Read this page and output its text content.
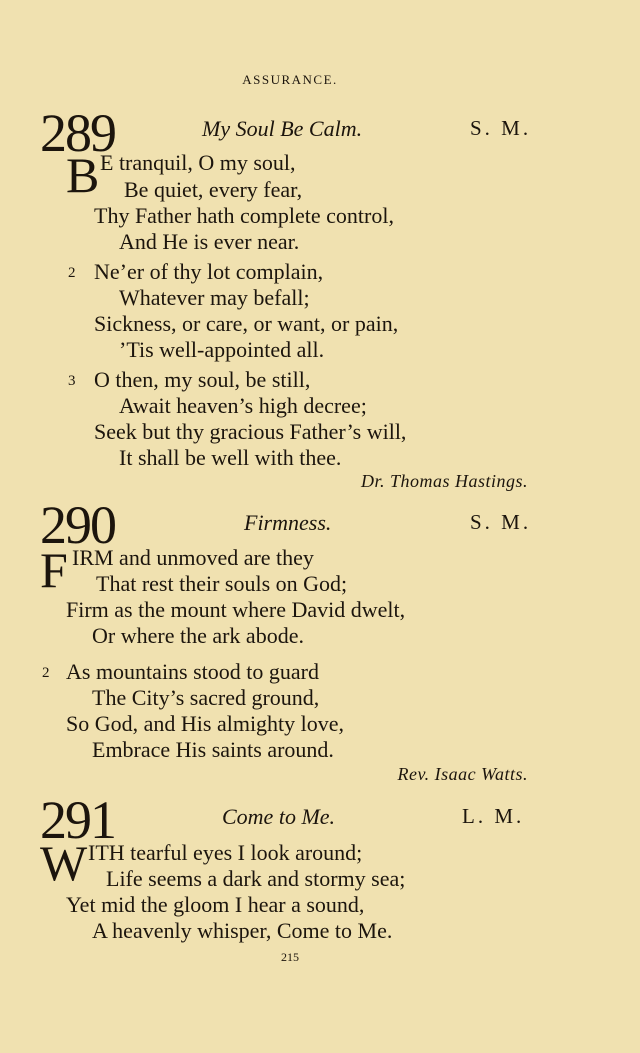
ASSURANCE.
289	My Soul Be Calm.	S. M.
B E tranquil, O my soul,
Be quiet, every fear,
Thy Father hath complete control,
And He is ever near.
2 Ne’er of thy lot complain,
Whatever may befall;
Sickness, or care, or want, or pain,
’Tis well-appointed all.
3 O then, my soul, be still,
Await heaven’s high decree;
Seek but thy gracious Father’s will,
It shall be well with thee.
Dr. Thomas Hastings.
290	Firmness.	S. M.
F IRM and unmoved are they
That rest their souls on God;
Firm as the mount where David dwelt,
Or where the ark abode.
2 As mountains stood to guard
The City’s sacred ground,
So God, and His almighty love,
Embrace His saints around.
Rev. Isaac Watts.
291	Come to Me.	L. M.
W ITH tearful eyes I look around;
Life seems a dark and stormy sea;
Yet mid the gloom I hear a sound,
A heavenly whisper, Come to Me.
215
